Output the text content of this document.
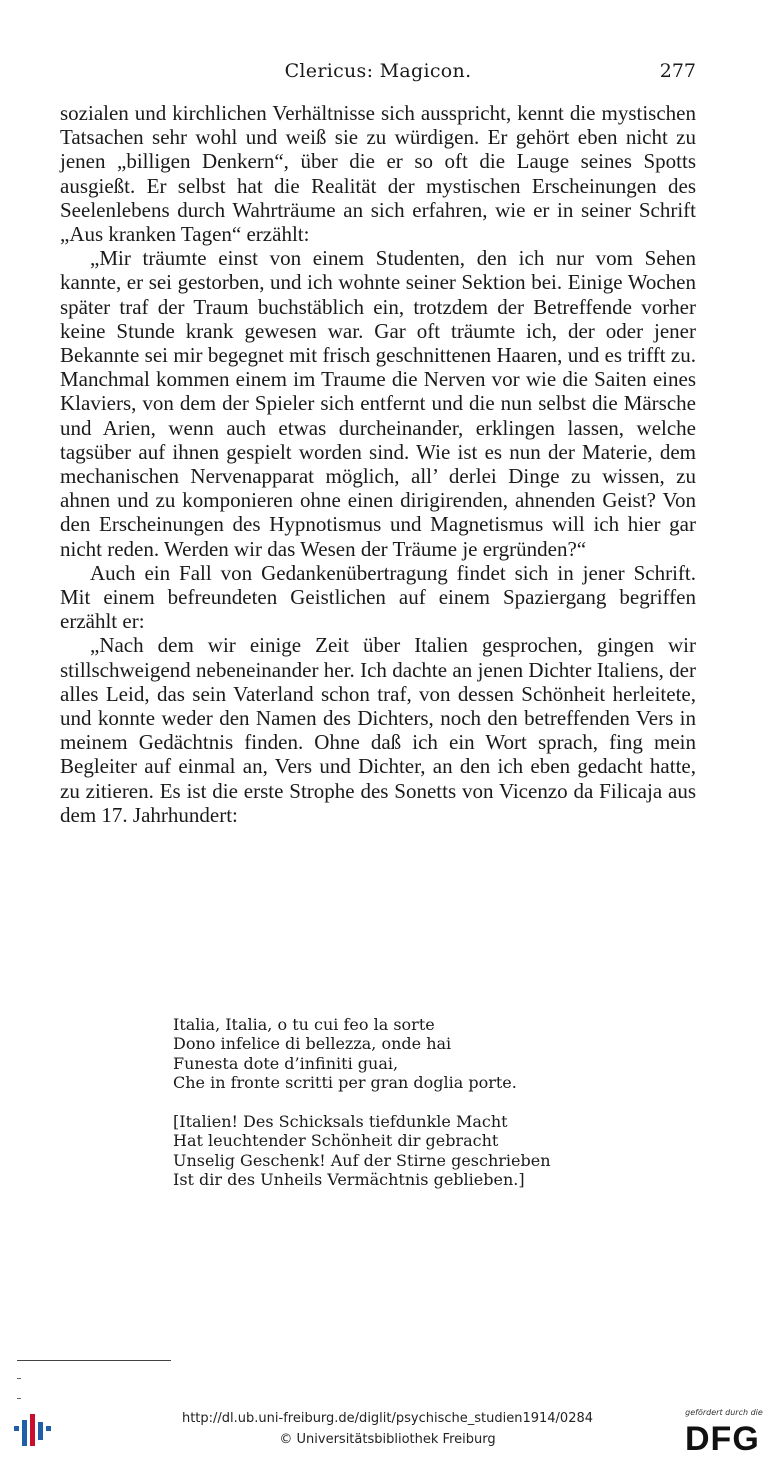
Clericus: Magicon.	277

sozialen und kirchlichen Verhältnisse sich ausspricht, kennt die mystischen Tatsachen sehr wohl und weiß sie zu würdigen. Er gehört eben nicht zu jenen „billigen Denkern“, über die er so oft die Lauge seines Spotts ausgießt. Er selbst hat die Realität der mystischen Erscheinungen des Seelenlebens durch Wahrträume an sich erfahren, wie er in seiner Schrift „Aus kranken Tagen“ erzählt:

„Mir träumte einst von einem Studenten, den ich nur vom Sehen kannte, er sei gestorben, und ich wohnte seiner Sektion bei. Einige Wochen später traf der Traum buchstäblich ein, trotzdem der Betreffende vorher keine Stunde krank gewesen war. Gar oft träumte ich, der oder jener Bekannte sei mir begegnet mit frisch geschnittenen Haaren, und es trifft zu. Manchmal kommen einem im Traume die Nerven vor wie die Saiten eines Klaviers, von dem der Spieler sich entfernt und die nun selbst die Märsche und Arien, wenn auch etwas durcheinander, erklingen lassen, welche tagsüber auf ihnen gespielt worden sind. Wie ist es nun der Materie, dem mechanischen Nervenapparat möglich, all’ derlei Dinge zu wissen, zu ahnen und zu komponieren ohne einen dirigirenden, ahnenden Geist? Von den Erscheinungen des Hypnotismus und Magnetismus will ich hier gar nicht reden. Werden wir das Wesen der Träume je ergründen?“

Auch ein Fall von Gedankenübertragung findet sich in jener Schrift. Mit einem befreundeten Geistlichen auf einem Spaziergang begriffen erzählt er:

„Nach dem wir einige Zeit über Italien gesprochen, gingen wir stillschweigend nebeneinander her. Ich dachte an jenen Dichter Italiens, der alles Leid, das sein Vaterland schon traf, von dessen Schönheit herleitete, und konnte weder den Namen des Dichters, noch den betreffenden Vers in meinem Gedächtnis finden. Ohne daß ich ein Wort sprach, fing mein Begleiter auf einmal an, Vers und Dichter, an den ich eben gedacht hatte, zu zitieren. Es ist die erste Strophe des Sonetts von Vicenzo da Filicaja aus dem 17. Jahrhundert:

Italia, Italia, o tu cui feo la sorte
Dono infelice di bellezza, onde hai
Funesta dote d’infiniti guai,
Che in fronte scritti per gran doglia porte.
[Italien! Des Schicksals tiefdunkle Macht
Hat leuchtender Schönheit dir gebracht
Unselig Geschenk! Auf der Stirne geschrieben
Ist dir des Unheils Vermächtnis geblieben.]
http://dl.ub.uni-freiburg.de/diglit/psychische_studien1914/0284
© Universitätsbibliothek Freiburg
gefördert durch die
DFG
